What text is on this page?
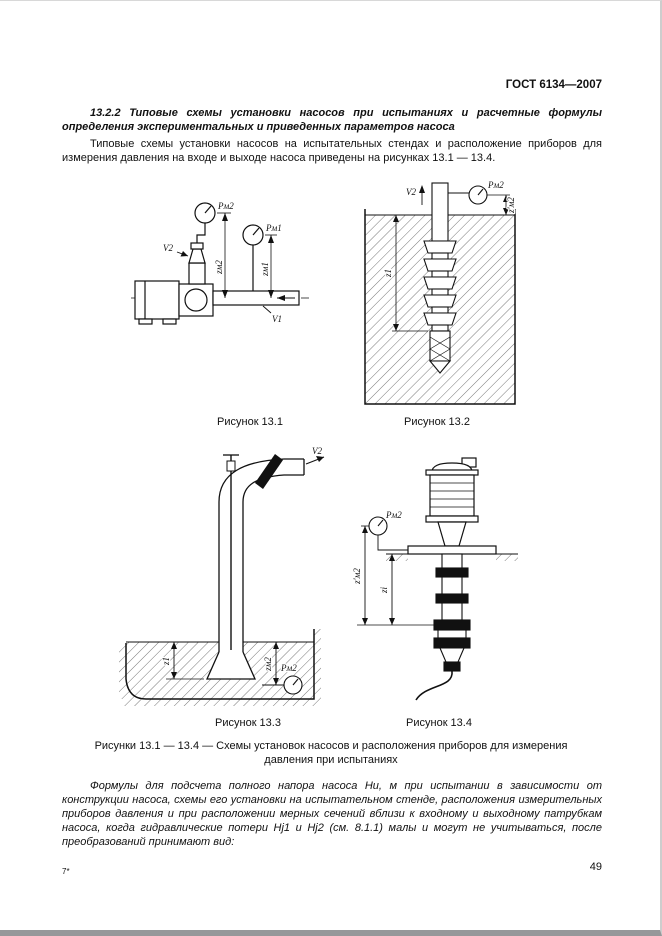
ГОСТ 6134—2007

13.2.2 Типовые схемы установки насосов при испытаниях и расчетные формулы определения экспериментальных и приведенных параметров насоса

Типовые схемы установки насосов на испытательных стендах и расположение приборов для измерения давления на входе и выходе насоса приведены на рисунках 13.1 — 13.4.

Pм2
Pм1
V2
V1
zм2	zм1
Pм2
V2
z′м2
z1
Рисунок 13.1	Рисунок 13.2
V2
z1	zм2 Pм2
Pм2
z′м2
zi
Рисунок 13.3	Рисунок 13.4
Рисунки 13.1 — 13.4 — Схемы установок насосов и расположения приборов для измерения давления при испытаниях

Формулы для подсчета полного напора насоса Ни, м при испытании в зависимости от конструкции насоса, схемы его установки на испытательном стенде, расположения измерительных приборов давления и при расположении мерных сечений вблизи к входному и выходному патрубкам насоса, когда гидравлические потери Нj1 и Нj2 (см. 8.1.1) малы и могут не учитываться, после преобразований принимают вид:

7*	49
